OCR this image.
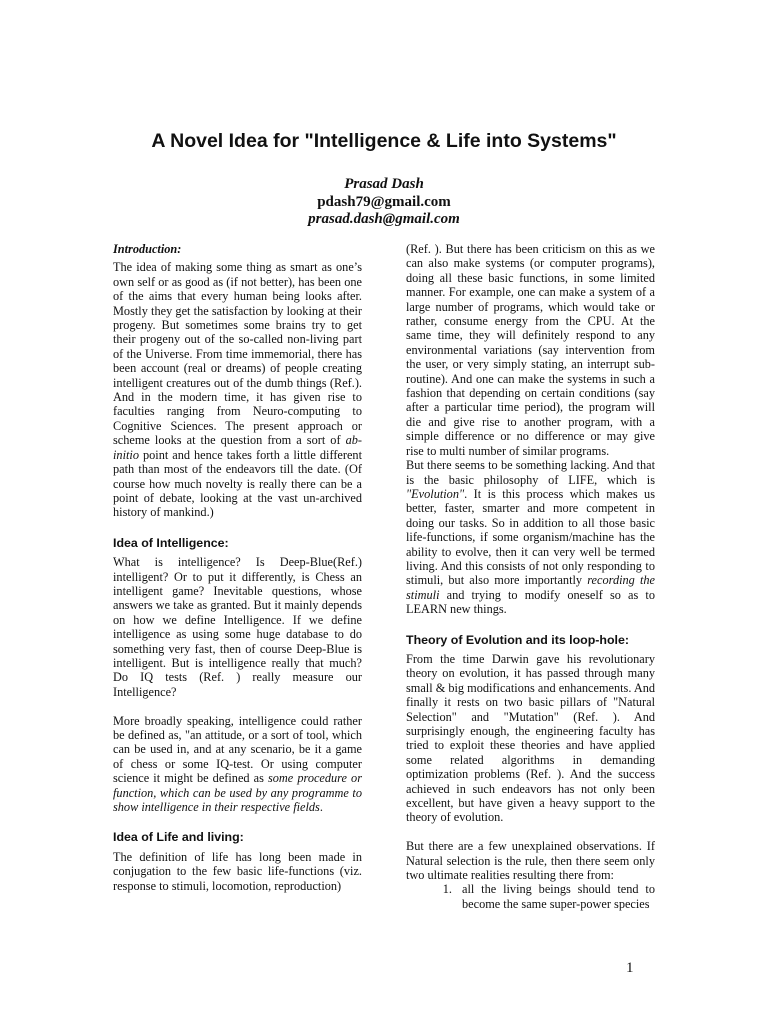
A Novel Idea for "Intelligence & Life into Systems"
Prasad Dash
pdash79@gmail.com
prasad.dash@gmail.com

Introduction:

The idea of making some thing as smart as one’s own self or as good as (if not better), has been one of the aims that every human being looks after. Mostly they get the satisfaction by looking at their progeny. But sometimes some brains try to get their progeny out of the so-called non-living part of the Universe. From time immemorial, there has been account (real or dreams) of people creating intelligent creatures out of the dumb things (Ref.). And in the modern time, it has given rise to faculties ranging from Neuro-computing to Cognitive Sciences. The present approach or scheme looks at the question from a sort of ab-initio point and hence takes forth a little different path than most of the endeavors till the date. (Of course how much novelty is really there can be a point of debate, looking at the vast un-archived history of mankind.)

Idea of Intelligence:

What is intelligence? Is Deep-Blue(Ref.) intelligent? Or to put it differently, is Chess an intelligent game? Inevitable questions, whose answers we take as granted. But it mainly depends on how we define Intelligence. If we define intelligence as using some huge database to do something very fast, then of course Deep-Blue is intelligent. But is intelligence really that much? Do IQ tests (Ref. ) really measure our Intelligence?

More broadly speaking, intelligence could rather be defined as, "an attitude, or a sort of tool, which can be used in, and at any scenario, be it a game of chess or some IQ-test. Or using computer science it might be defined as some procedure or function, which can be used by any programme to show intelligence in their respective fields.

Idea of Life and living:

The definition of life has long been made in conjugation to the few basic life-functions (viz. response to stimuli, locomotion, reproduction)

(Ref. ). But there has been criticism on this as we can also make systems (or computer programs), doing all these basic functions, in some limited manner. For example, one can make a system of a large number of programs, which would take or rather, consume energy from the CPU. At the same time, they will definitely respond to any environmental variations (say intervention from the user, or very simply stating, an interrupt sub-routine). And one can make the systems in such a fashion that depending on certain conditions (say after a particular time period), the program will die and give rise to another program, with a simple difference or no difference or may give rise to multi number of similar programs.

But there seems to be something lacking. And that is the basic philosophy of LIFE, which is "Evolution". It is this process which makes us better, faster, smarter and more competent in doing our tasks. So in addition to all those basic life-functions, if some organism/machine has the ability to evolve, then it can very well be termed living. And this consists of not only responding to stimuli, but also more importantly recording the stimuli and trying to modify oneself so as to LEARN new things.

Theory of Evolution and its loop-hole:

From the time Darwin gave his revolutionary theory on evolution, it has passed through many small & big modifications and enhancements. And finally it rests on two basic pillars of "Natural Selection" and "Mutation" (Ref. ). And surprisingly enough, the engineering faculty has tried to exploit these theories and have applied some related algorithms in demanding optimization problems (Ref. ). And the success achieved in such endeavors has not only been excellent, but have given a heavy support to the theory of evolution.

But there are a few unexplained observations. If Natural selection is the rule, then there seem only two ultimate realities resulting there from:

1. all the living beings should tend to become the same super-power species
1
